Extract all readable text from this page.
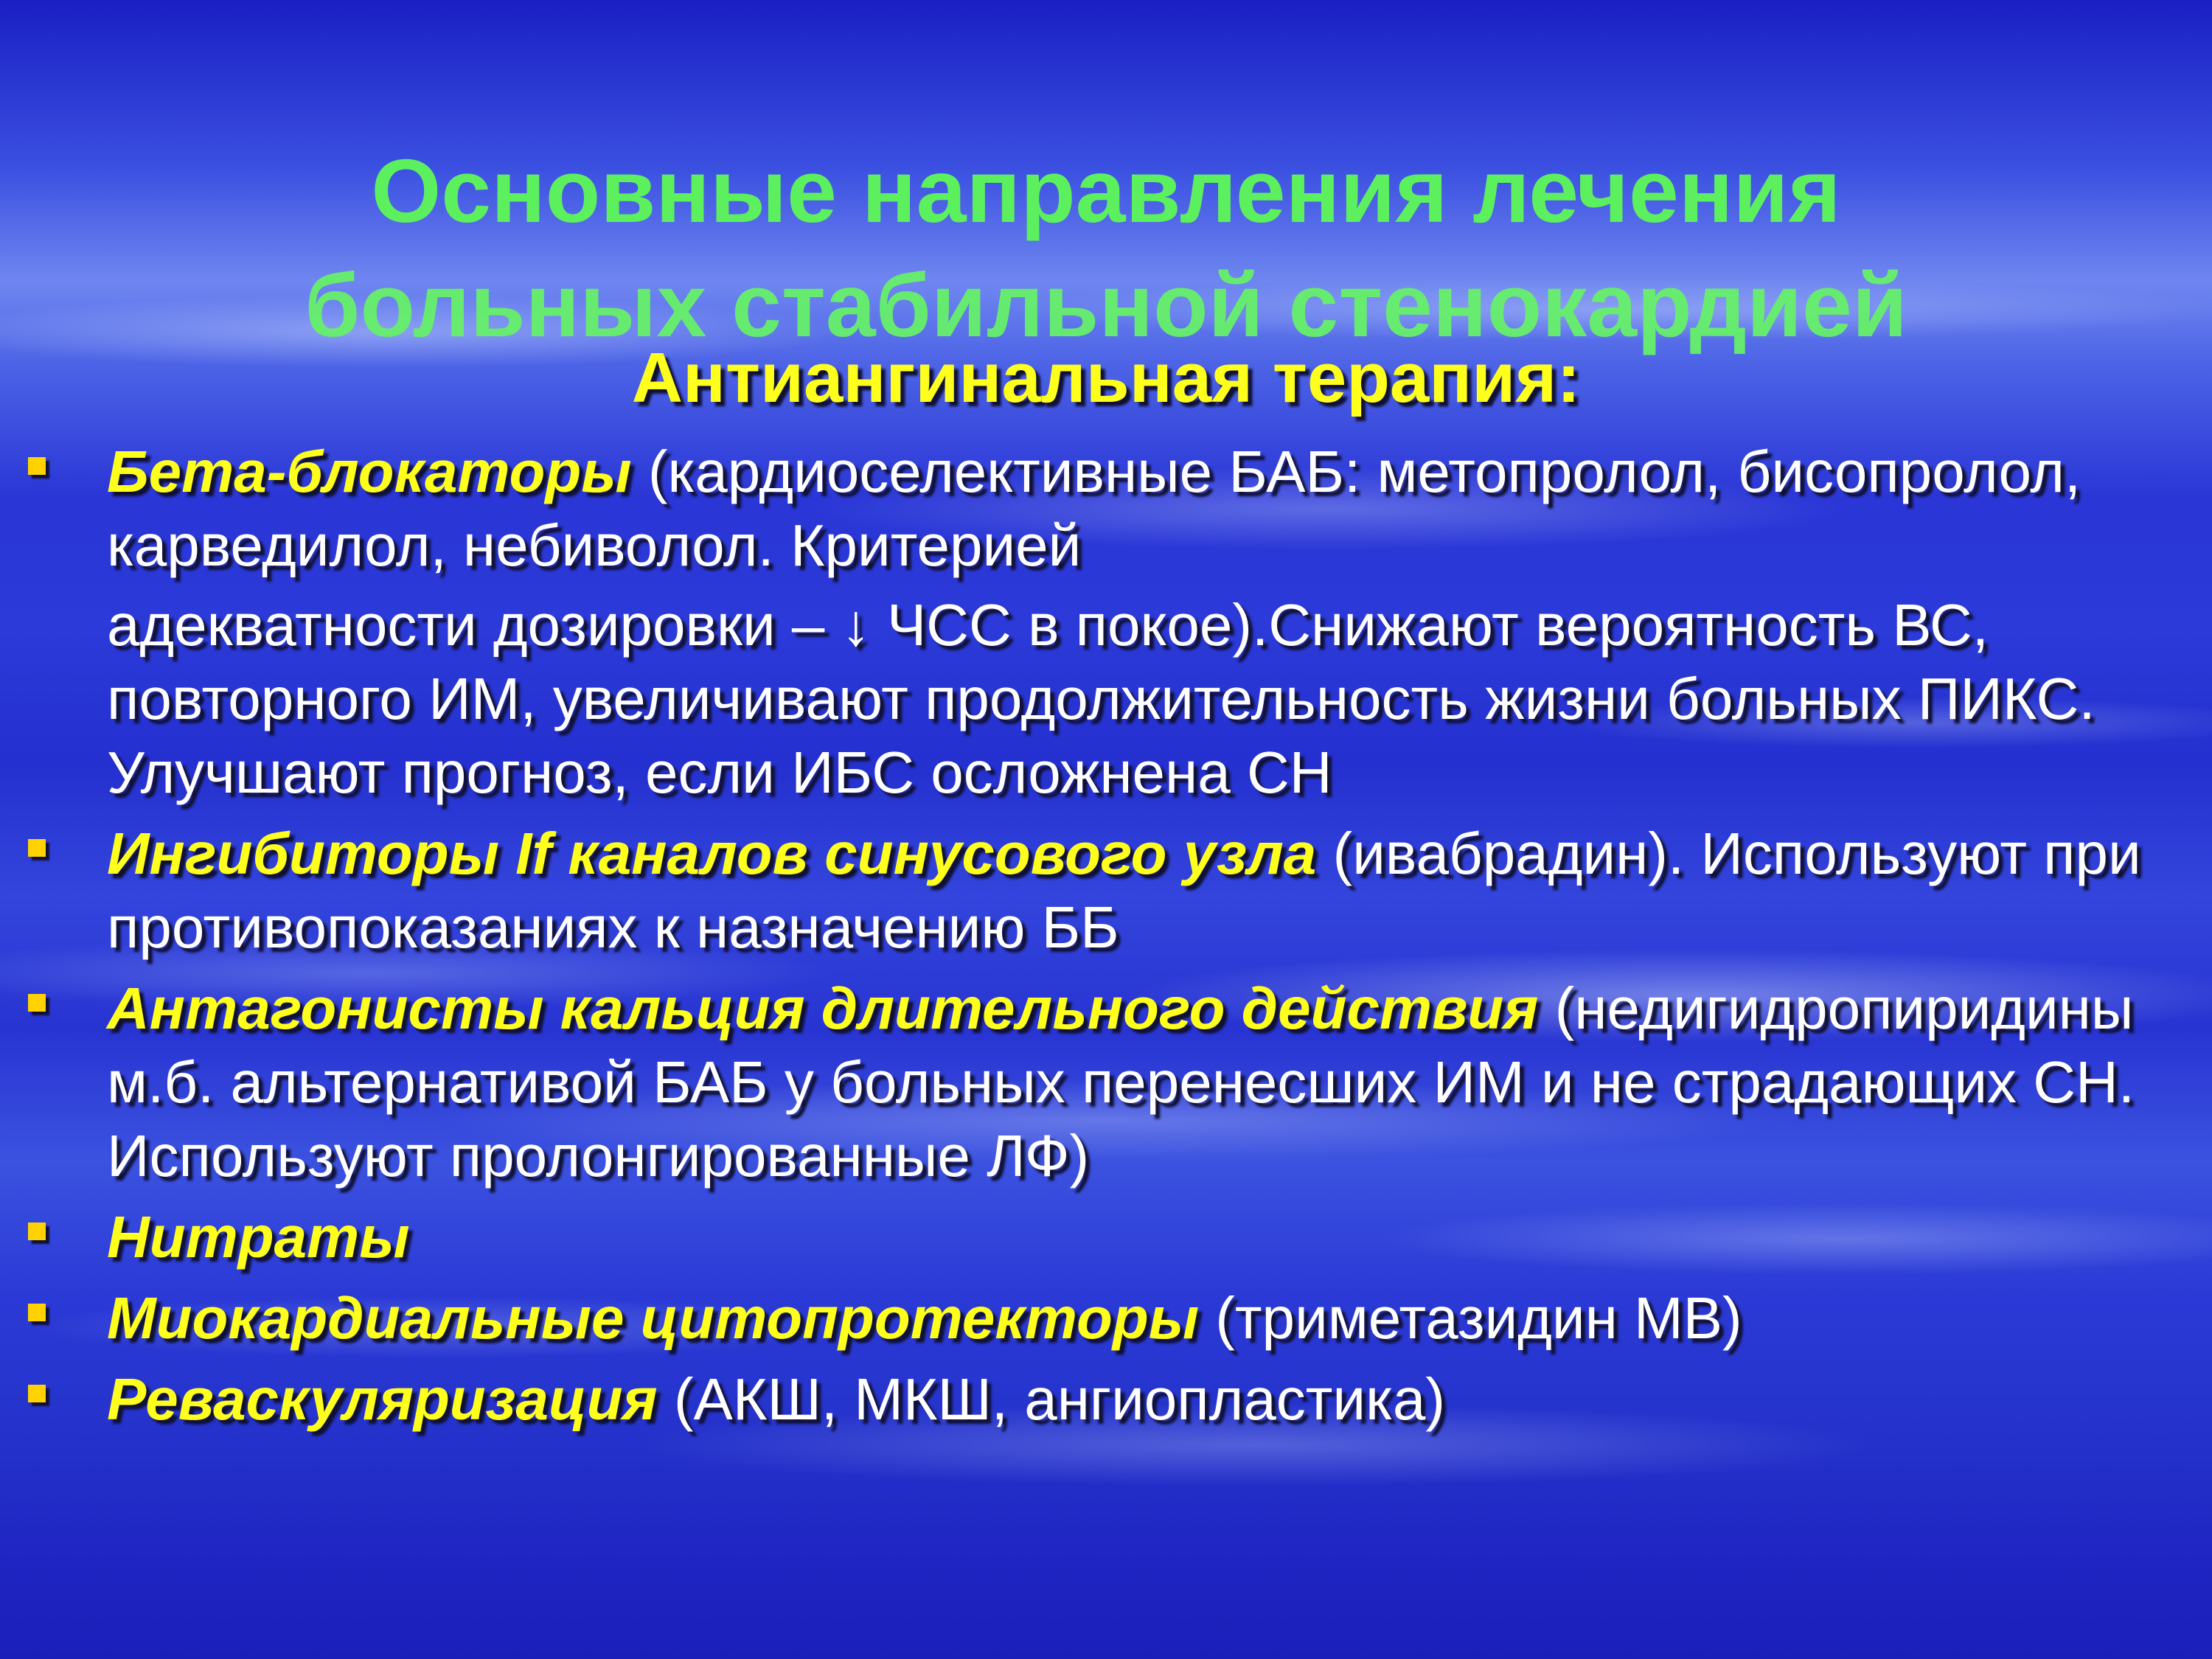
Основные направления лечения
больных стабильной стенокардией
Антиангинальная терапия:
Бета-блокаторы (кардиоселективные БАБ: метопролол, бисопролол, карведилол, небиволол. Критерией
адекватности дозировки – ↓ ЧСС в покое).Снижают вероятность ВС, повторного ИМ, увеличивают продолжительность жизни больных ПИКС. Улучшают прогноз, если ИБС осложнена СН
Ингибиторы If каналов синусового узла (ивабрадин). Используют при противопоказаниях к назначению ББ
Антагонисты кальция длительного действия (недигидропиридины м.б. альтернативой БАБ у больных перенесших ИМ и не страдающих СН. Используют пролонгированные ЛФ)
Нитраты
Миокардиальные цитопротекторы (триметазидин МВ)
Реваскуляризация (АКШ, МКШ, ангиопластика)
